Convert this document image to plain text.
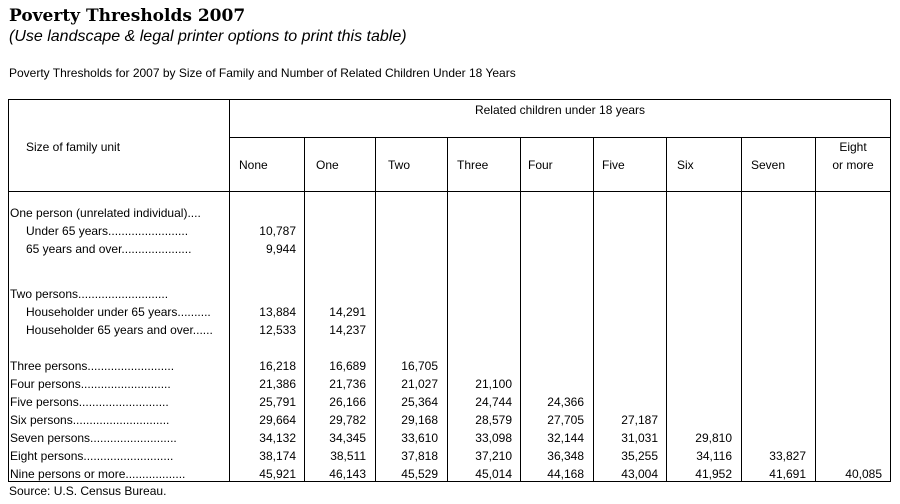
Poverty Thresholds 2007
(Use landscape & legal printer options to print this table)
Poverty Thresholds for 2007 by Size of Family and Number of Related Children Under 18 Years
Size of family unit
Related children under 18 years
None	One	Two	Three	Four	Five	Six	Seven
Eight
or more
One person (unrelated individual)....
Under 65 years........................	10,787
65 years and over.....................	9,944
Two persons...........................
Householder under 65 years..........	13,884	14,291
Householder 65 years and over......	12,533	14,237
Three persons..........................	16,218	16,689	16,705
Four persons...........................	21,386	21,736	21,027	21,100
Five persons...........................	25,791	26,166	25,364	24,744	24,366
Six persons.............................	29,664	29,782	29,168	28,579	27,705	27,187
Seven persons..........................	34,132	34,345	33,610	33,098	32,144	31,031	29,810
Eight persons...........................	38,174	38,511	37,818	37,210	36,348	35,255	34,116	33,827
Nine persons or more..................	45,921	46,143	45,529	45,014	44,168	43,004	41,952	41,691	40,085
Source: U.S. Census Bureau.
